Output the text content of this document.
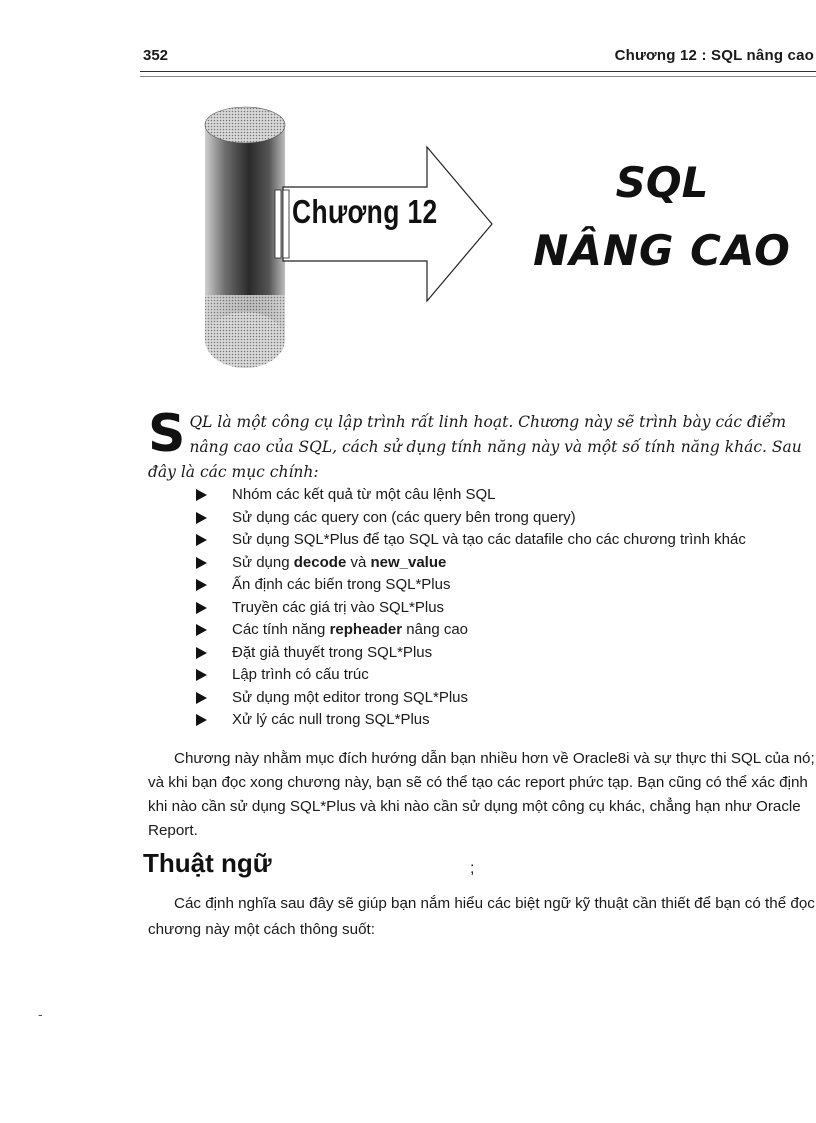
352	Chương 12 : SQL nâng cao
Chương 12
SQL
NÂNG CAO

S QL là một công cụ lập trình rất linh hoạt. Chương này sẽ trình bày các điểm nâng cao của SQL, cách sử dụng tính năng này và một số tính năng khác. Sau đây là các mục chính:

Nhóm các kết quả từ một câu lệnh SQL
Sử dụng các query con (các query bên trong query)
Sử dụng SQL*Plus để tạo SQL và tạo các datafile cho các chương trình khác
Sử dụng decode và new_value
Ấn định các biến trong SQL*Plus
Truyền các giá trị vào SQL*Plus
Các tính năng repheader nâng cao
Đặt giả thuyết trong SQL*Plus
Lập trình có cấu trúc
Sử dụng một editor trong SQL*Plus
Xử lý các null trong SQL*Plus

Chương này nhằm mục đích hướng dẫn bạn nhiều hơn về Oracle8i và sự thực thi SQL của nó; và khi bạn đọc xong chương này, bạn sẽ có thể tạo các report phức tạp. Bạn cũng có thể xác định khi nào cần sử dụng SQL*Plus và khi nào cần sử dụng một công cụ khác, chẳng hạn như Oracle Report.

Thuật ngữ	;

Các định nghĩa sau đây sẽ giúp bạn nắm hiểu các biệt ngữ kỹ thuật cần thiết để bạn có thể đọc chương này một cách thông suốt:

-
